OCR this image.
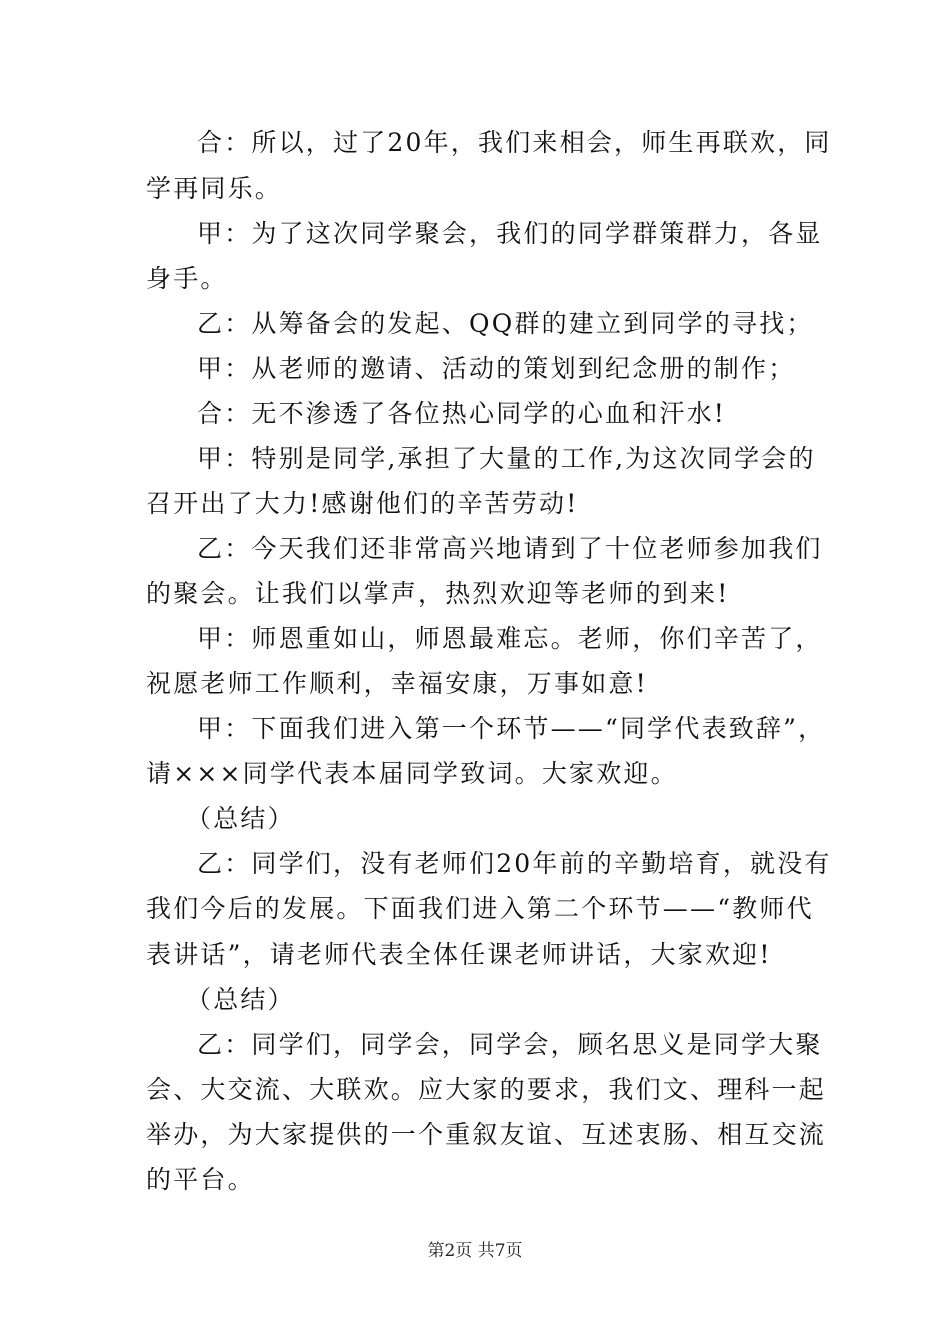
合：所以，过了20年，我们来相会，师生再联欢，同
学再同乐。
甲：为了这次同学聚会，我们的同学群策群力，各显
身手。
乙：从筹备会的发起、QQ群的建立到同学的寻找；
甲：从老师的邀请、活动的策划到纪念册的制作；
合：无不渗透了各位热心同学的心血和汗水!
甲：特别是同学,承担了大量的工作,为这次同学会的
召开出了大力!感谢他们的辛苦劳动!
乙：今天我们还非常高兴地请到了十位老师参加我们
的聚会。让我们以掌声，热烈欢迎等老师的到来!
甲：师恩重如山，师恩最难忘。老师，你们辛苦了，
祝愿老师工作顺利，幸福安康，万事如意!
甲：下面我们进入第一个环节——“同学代表致辞”，
请×××同学代表本届同学致词。大家欢迎。
（总结）
乙：同学们，没有老师们20年前的辛勤培育，就没有
我们今后的发展。下面我们进入第二个环节——“教师代
表讲话”，请老师代表全体任课老师讲话，大家欢迎!
（总结）
乙：同学们，同学会，同学会，顾名思义是同学大聚
会、大交流、大联欢。应大家的要求，我们文、理科一起
举办，为大家提供的一个重叙友谊、互述衷肠、相互交流
的平台。
第2页 共7页
